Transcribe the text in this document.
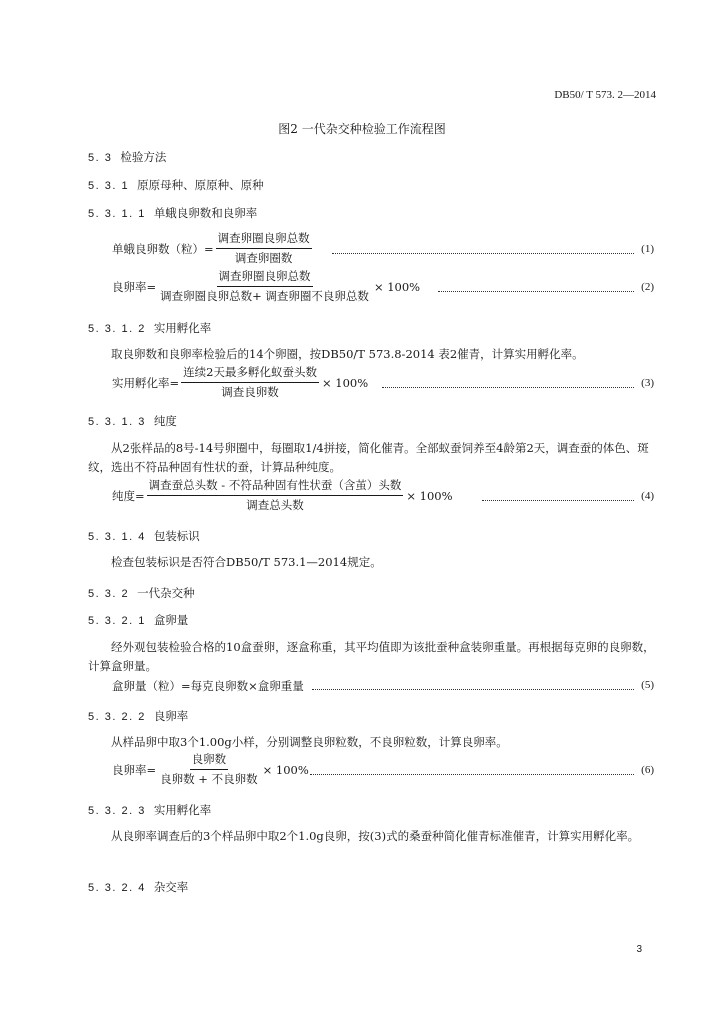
DB50/ T 573. 2—2014
图2 一代杂交种检验工作流程图
5. 3 检验方法
5. 3. 1 原原母种、原原种、原种
5. 3. 1. 1 单蛾良卵数和良卵率
单蛾良卵数（粒）= $\frac{\text{调查卵圈良卵总数}}{\text{调查卵圈数}}$	(1)
良卵率= $\frac{\text{调查卵圈良卵总数}}{\text{调查卵圈良卵总数+ 调查卵圈不良卵总数}} \times 100\%$	(2)
5. 3. 1. 2 实用孵化率
取良卵数和良卵率检验后的14个卵圈，按DB50/T 573.8-2014 表2催青，计算实用孵化率。
实用孵化率= $\frac{\text{连续2天最多孵化蚁蚕头数}}{\text{调查良卵数}} \times 100\%$	(3)
5. 3. 1. 3 纯度
从2张样品的8号-14号卵圈中，每圈取1/4拼接，简化催青。全部蚁蚕饲养至4龄第2天，调查蚕的体色、斑纹，选出不符品种固有性状的蚕，计算品种纯度。
纯度= $\frac{\text{调查蚕总头数 - 不符品种固有性状蚕（含茧）头数}}{\text{调查总头数}} \times 100\%$	(4)
5. 3. 1. 4 包装标识
检查包装标识是否符合DB50/T 573.1—2014规定。
5. 3. 2 一代杂交种
5. 3. 2. 1 盒卵量
经外观包装检验合格的10盒蚕卵，逐盒称重，其平均值即为该批蚕种盒装卵重量。再根据每克卵的良卵数，计算盒卵量。
盒卵量（粒）=每克良卵数×盒卵重量	(5)
5. 3. 2. 2 良卵率
从样品卵中取3个1.00g小样，分别调整良卵粒数，不良卵粒数，计算良卵率。
良卵率= $\frac{\text{良卵数}}{\text{良卵数 + 不良卵数}} \times 100\%$	(6)
5. 3. 2. 3 实用孵化率
从良卵率调查后的3个样品卵中取2个1.0g良卵，按(3)式的桑蚕种简化催青标准催青，计算实用孵化率。
5. 3. 2. 4 杂交率
3
